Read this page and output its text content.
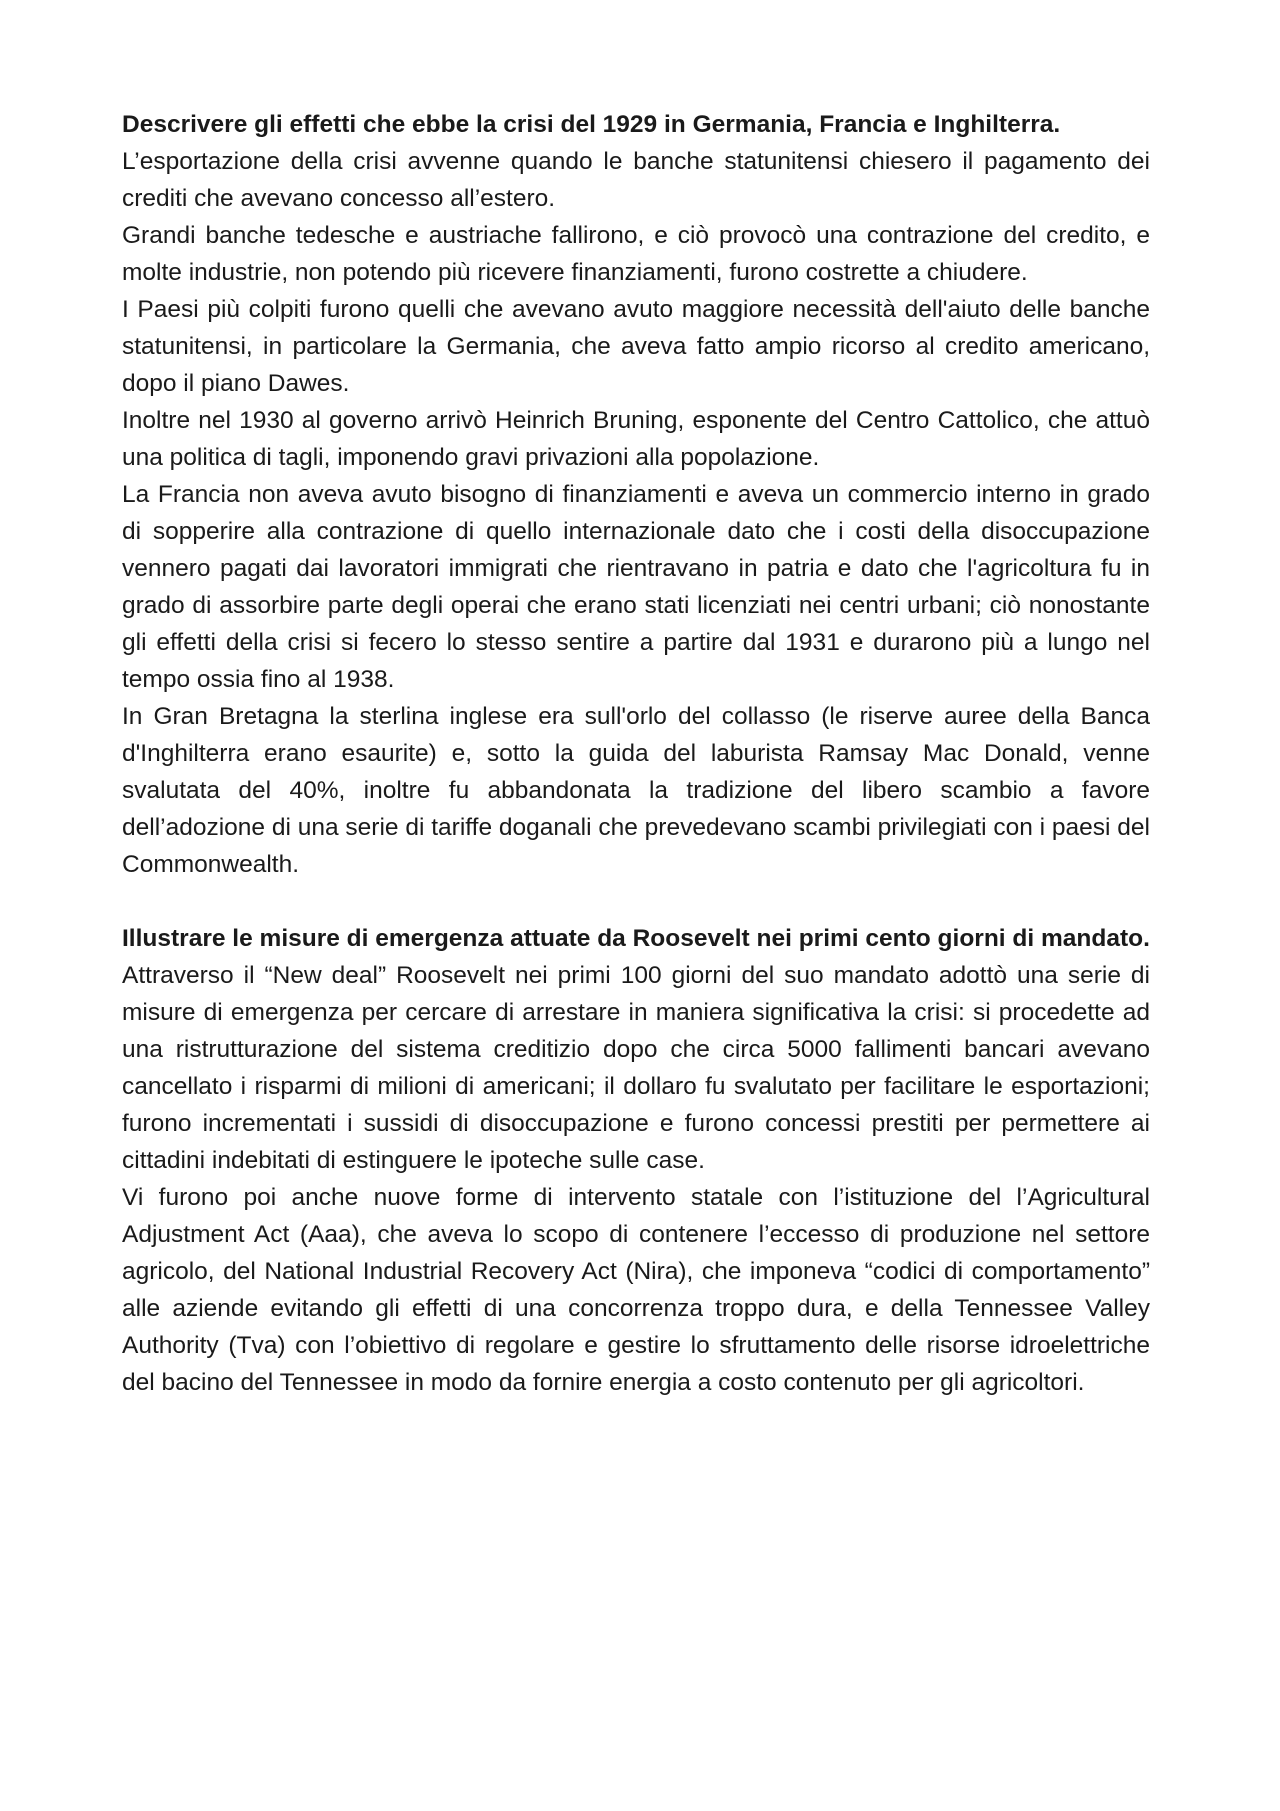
Descrivere gli effetti che ebbe la crisi del 1929 in Germania, Francia e Inghilterra.

L’esportazione della crisi avvenne quando le banche statunitensi chiesero il pagamento dei crediti che avevano concesso all’estero.

Grandi banche tedesche e austriache fallirono, e ciò provocò una contrazione del credito, e molte industrie, non potendo più ricevere finanziamenti, furono costrette a chiudere.

I Paesi più colpiti furono quelli che avevano avuto maggiore necessità dell'aiuto delle banche statunitensi, in particolare la Germania, che aveva fatto ampio ricorso al credito americano, dopo il piano Dawes.

Inoltre nel 1930 al governo arrivò Heinrich Bruning, esponente del Centro Cattolico, che attuò una politica di tagli, imponendo gravi privazioni alla popolazione.

La Francia non aveva avuto bisogno di finanziamenti e aveva un commercio interno in grado di sopperire alla contrazione di quello internazionale dato che i costi della disoccupazione vennero pagati dai lavoratori immigrati che rientravano in patria e dato che l'agricoltura fu in grado di assorbire parte degli operai che erano stati licenziati nei centri urbani; ciò nonostante gli effetti della crisi si fecero lo stesso sentire a partire dal 1931 e durarono più a lungo nel tempo ossia fino al 1938.

In Gran Bretagna la sterlina inglese era sull'orlo del collasso (le riserve auree della Banca d'Inghilterra erano esaurite) e, sotto la guida del laburista Ramsay Mac Donald, venne svalutata del 40%, inoltre fu abbandonata la tradizione del libero scambio a favore dell’adozione di una serie di tariffe doganali che prevedevano scambi privilegiati con i paesi del Commonwealth.

Illustrare le misure di emergenza attuate da Roosevelt nei primi cento giorni di mandato.

Attraverso il “New deal” Roosevelt nei primi 100 giorni del suo mandato adottò una serie di misure di emergenza per cercare di arrestare in maniera significativa la crisi: si procedette ad una ristrutturazione del sistema creditizio dopo che circa 5000 fallimenti bancari avevano cancellato i risparmi di milioni di americani; il dollaro fu svalutato per facilitare le esportazioni; furono incrementati i sussidi di disoccupazione e furono concessi prestiti per permettere ai cittadini indebitati di estinguere le ipoteche sulle case.

Vi furono poi anche nuove forme di intervento statale con l’istituzione del l’Agricultural Adjustment Act (Aaa), che aveva lo scopo di contenere l’eccesso di produzione nel settore agricolo, del National Industrial Recovery Act (Nira), che imponeva “codici di comportamento” alle aziende evitando gli effetti di una concorrenza troppo dura, e della Tennessee Valley Authority (Tva) con l’obiettivo di regolare e gestire lo sfruttamento delle risorse idroelettriche del bacino del Tennessee in modo da fornire energia a costo contenuto per gli agricoltori.
